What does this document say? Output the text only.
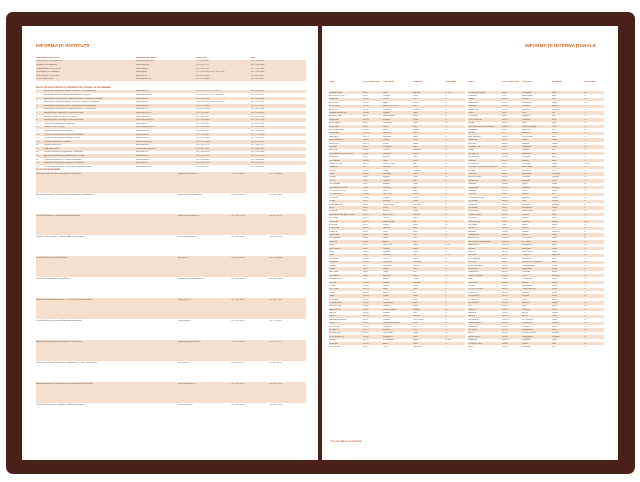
INFORMAȚII INSTITUȚII
DENUMIRE INSTITUȚIE	ADRESĂ INTERNET	TELEFON	FAX
PREȘEDINȚIA ROMÂNIEI	www.presidency.ro	021 410 0581	021 410 3858
SENATUL ROMÂNIEI	www.senat.ro	021 414 1111	021 315 8940
CAMERA DEPUTAȚILOR	www.cdep.ro	021 414 1111	021 312 1184
GUVERNUL ROMÂNIEI	www.gov.ro	021 314 3400 / 021 319 1564	021 313 9846
CURTEA DE CONTURI	www.rcc.ro	021 307 8600	021 307 8875
PROCURATURA	www.mpublic.ro	021 319 3860	021 319 3865
INSTITUȚII ȘI AUTORITĂȚI CU ATRIBUȚII DE CONTROL ȘI GUVERNARE
1	Autoritatea Națională pentru Protecția Consumatorilor	www.anpc.ro	021 312 1275 / 2 / 6 / 8 / 9	021 314 3462
2	Autoritatea pentru Valorificarea Activelor Statului	www.avas.gov.ro	021 303 6122 / 021 303 6521	021 303 6521
3	Autoritatea Națională de Reglementare în Domeniul Energiei	www.anre.ro	021 311 2244	021 312 4365
4	Autoritatea Națională pentru Protecția Copilului și Adopție	www.copii.ro	021 315 3630 / 021 310 0789	021 312 7474
5	Autoritatea Națională pentru Persoanele cu Handicap	www.anph.ro	021 212 5434	021 212 5432
6	Autoritatea Națională de Reglementare în Comunicații	www.anrc.ro	021 307 5400	021 307 5402
7	Administrația Națională a Penitenciarelor	www.anp-just.ro	021 311 6457	021 312 6616
8	Agenția Națională pentru Ocupare	www.anofm.ro	021 303 9831	021 303 9836
9	Agenția pentru Strategii Guvernamentale	www.publicinfo.ro	021 314 3400	021 312 2160
10	Comisia Națională de Prognoză	www.cnp.ro	021 318 5053	021 318 5054
11	Consiliul Concurenței	www.competition.ro	021 318 1198	021 318 1199
12	Institutul Național de Statistică	www.insse.ro	021 313 3700	021 312 4873
13	Oficiul Român pentru Drepturile de Autor	www.orda.ro	021 317 6440	021 317 6446
14	Oficiul de Stat pentru Invenții și Mărci	www.osim.ro	021 315 1966	021 312 3819
15	Direcția Generală a Vămilor	www.customs.ro	021 315 5858	021 313 8251
16	Garda Financiară	www.garda.ro	021 310 0771	021 310 0770
17	Inspecția Muncii	www.inspectmun.ro	021 302 7030	021 302 7032
18	Oficiul Național al Registrului Comerțului	www.onrc.ro	021 316 0819	021 316 0803
19	Agenția Națională de Administrare Fiscală	www.anaf.ro	021 319 9759	021 319 9760
20	Comisia Națională a Valorilor Mobiliare	www.cnvmr.ro	021 326 6840	021 326 6848
21	Autoritatea Națională Sanitară Veterinară	www.ansv.ro	021 315 7875	021 312 4967
22	Oficiul Național pentru Prevenirea Spălării Banilor	www.onpcsb.ro	021 315 5207	021 315 5227
INSTITUȚII EUROPENE
Reprezentanța Comisiei Europene în România	infoline@euroinfo.ro	021 203 5400	021 212 8808
Biroul de Informare al Parlamentului European în România	epbucarest@europarl.eu	021 405 0880	021 405 0886
Centrul European al Consumatorilor România	office@eccromania.ro	021 315 7149	021 311 0242
Consiliul Concurenței — Direcția Afaceri Europene	ae@competition.ro	021 318 1198	021 318 1199
Institutul European din România	ier@ier.ro	021 314 2696	021 314 2666
Centrul de Informare Europe Direct	europedirect@euroinfo.ro	021 315 3485	021 315 3486
Ministerul Integrării Europene — Centrul de Documentare	cdoc@mie.ro	021 301 1500	021 301 1505
Centrul de Resurse pentru Educație Europeană	crep@edu.ro	021 316 4522	021 316 4523
Agenția Națională pentru Programe Comunitare	anpcdefp@anpcdefp.ro	021 201 0700	021 312 4575
Camera de Comerț și Industrie a României — Euro Info Centre	eic@ccir.ro	021 319 0114	021 319 0115
Autoritatea pentru Coordonarea Instrumentelor Structurale	acis@mfinante.ro	021 302 5262	021 302 5264
Oficiul Român pentru Imigrări — Relații Schengen	ori@mai.gov.ro	021 410 7500	021 410 7501
INFORMAȚII INTERNAȚIONALE
ȚARA	COD TELEFONIC	CAPITALA	MONEDA	FUS ORAR*
AFGANISTAN	0093	Kabul	Afghani	+2 1/2
AFRICA DE SUD	0027	Pretoria	Rand	0
ALBANIA	00355	Tirana	Lek	-1
ALGERIA	00213	Alger	Dinar	-1
ANDORRA	00376	Andorra la Vella	Euro	-1
ANGOLA	00244	Luanda	Kwanza	-1
ARABIA SAUDITĂ	00966	Riyadh	Riyal	+1
ARGENTINA	0054	Buenos Aires	Peso	-5
ARMENIA	00374	Erevan	Dram	+2
AUSTRALIA	0061	Canberra	Dolar	+8
AUSTRIA	0043	Viena	Euro	-1
AZERBAIDJAN	00994	Baku	Manat	+2
BAHAMAS	001242	Nassau	Dolar	-7
BAHRAIN	00973	Manama	Dinar	+1
BANGLADESH	00880	Dhaka	Taka	+4
BELARUS	00375	Minsk	Rubla	0
BELGIA	0032	Bruxelles	Euro	-1
BOLIVIA	00591	La Paz	Boliviano	-6
BOSNIA-HERȚEGOVINA	00387	Sarajevo	Marca	-1
BRAZILIA	0055	Brasilia	Real	-5
BULGARIA	00359	Sofia	Leva	0
CAMBODGIA	00855	Phnom Penh	Riel	+5
CANADA	001	Ottawa	Dolar	-7
CEHIA	00420	Praga	Coroana	-1
CHILE	0056	Santiago	Peso	-6
CHINA	0086	Beijing	Yuan	+6
CIPRU	00357	Nicosia	Euro	0
COLUMBIA	0057	Bogota	Peso	-7
COREEA DE NORD	00850	Phenian	Won	+7
COREEA DE SUD	0082	Seul	Won	+7
COSTA RICA	00506	San Jose	Colon	-8
CROAȚIA	00385	Zagreb	Kuna	-1
CUBA	0053	Havana	Peso	-7
DANEMARCA	0045	Copenhaga	Coroana	-1
EGIPT	0020	Cairo	Lira	0
ELVEȚIA	0041	Berna	Franc	-1
EMIRATELE ARABE UNITE	00971	Abu Dhabi	Dirham	+2
ESTONIA	00372	Tallinn	Euro	0
ETIOPIA	00251	Addis Abeba	Birr	+1
FILIPINE	0063	Manila	Peso	+6
FINLANDA	00358	Helsinki	Euro	0
FRANȚA	0033	Paris	Euro	-1
GEORGIA	00995	Tbilisi	Lari	+2
GERMANIA	0049	Berlin	Euro	-1
GRECIA	0030	Atena	Euro	0
INDIA	0091	New Delhi	Rupia	+3 1/2
INDONEZIA	0062	Jakarta	Rupia	+5
IRAK	00964	Bagdad	Dinar	+1
IRAN	0098	Teheran	Rial	+1 1/2
IRLANDA	00353	Dublin	Euro	-2
ISLANDA	00354	Reykjavik	Coroana	-2
ISRAEL	00972	Ierusalim	Shekel	0
ITALIA	0039	Roma	Euro	-1
JAPONIA	0081	Tokyo	Yen	+7
IORDANIA	00962	Amman	Dinar	0
KAZAHSTAN	007	Astana	Tenge	+4
KENYA	00254	Nairobi	Shilling	+1
KUWEIT	00965	Kuweit	Dinar	+1
LETONIA	00371	Riga	Lats	0
LIBAN	00961	Beirut	Lira	0
LIBIA	00218	Tripoli	Dinar	0
LITUANIA	00370	Vilnius	Litas	0
LUXEMBURG	00352	Luxemburg	Euro	-1
MACEDONIA	00389	Skopje	Dinar	-1
MALAYEZIA	0060	Kuala Lumpur	Ringgit	+6
MALTA	00356	Valletta	Euro	-1
MAROC	00212	Rabat	Dirham	-2
MAREA BRITANIE	0044	Londra	Lira sterlină	-2
MEXIC	0052	Ciudad de Mexico	Peso	-8
MOLDOVA	00373	Chișinău	Leu	0
MONACO	00377	Monaco	Euro	-1
MONGOLIA	00976	Ulan Bator	Tugrik	+6
MUNTENEGRU	00382	Podgorica	Euro	-1
NEPAL	00977	Kathmandu	Rupia	+3 3/4
NIGERIA	00234	Abuja	Naira	-1
NORVEGIA	0047	Oslo	Coroana	-1
ȚARA	COD TELEFONIC	CAPITALA	MONEDA	FUS ORAR*
NOUA ZEELANDĂ	0064	Wellington	Dolar	+10
OLANDA	0031	Amsterdam	Euro	-1
OMAN	00968	Muscat	Rial	+2
PAKISTAN	0092	Islamabad	Rupia	+3
PANAMA	00507	Panama	Balboa	-7
PARAGUAY	00595	Asuncion	Guarani	-6
PERU	0051	Lima	Sol	-7
POLONIA	0048	Varșovia	Zlot	-1
PORTUGALIA	00351	Lisabona	Euro	-2
QATAR	00974	Doha	Riyal	+1
REPUBLICA DOMINICANĂ	001809	Santo Domingo	Peso	-6
ROMÂNIA	0040	București	Leu	0
RUSIA	007	Moscova	Rubla	+1
SAN MARINO	00378	San Marino	Euro	-1
SENEGAL	00221	Dakar	Franc	-2
SERBIA	00381	Belgrad	Dinar	-1
SINGAPORE	0065	Singapore	Dolar	+6
SIRIA	00963	Damasc	Lira	0
SLOVACIA	00421	Bratislava	Euro	-1
SLOVENIA	00386	Ljubljana	Euro	-1
SPANIA	0034	Madrid	Euro	-1
SRI LANKA	0094	Colombo	Rupia	+3 1/2
STATELE UNITE ALE AMERICII	001	Washington	Dolar	-7
SUDAN	00249	Khartoum	Lira	+1
SUEDIA	0046	Stockholm	Coroana	-1
TADJIKISTAN	00992	Dușanbe	Somoni	+3
TAILANDA	0066	Bangkok	Baht	+5
TAIWAN	00886	Taipei	Dolar	+6
TANZANIA	00255	Dodoma	Shilling	+1
TUNISIA	00216	Tunis	Dinar	-1
TURCIA	0090	Ankara	Lira	0
TURKMENISTAN	00993	Așgabat	Manat	+3
UCRAINA	00380	Kiev	Grivna	0
UGANDA	00256	Kampala	Shilling	+1
UNGARIA	0036	Budapesta	Forint	-1
URUGUAY	00598	Montevideo	Peso	-5
UZBEKISTAN	00998	Tașkent	Sum	+3
VATICAN	0039	Vatican	Euro	-1
VENEZUELA	0058	Caracas	Bolivar	-6 1/2
VIETNAM	0084	Hanoi	Dong	+5
YEMEN	00967	Sana'a	Rial	+1
ZAMBIA	00260	Lusaka	Kwacha	0
ZIMBABWE	00263	Harare	Dolar	0
ANGUILLA	001264	The Valley	Dolar	-6
ANTIGUA ȘI BARBUDA	001268	St. John's	Dolar	-6
BARBADOS	001246	Bridgetown	Dolar	-6
BELIZE	00501	Belmopan	Dolar	-8
BENIN	00229	Porto Novo	Franc	-1
BHUTAN	00975	Thimphu	Ngultrum	+4
BOTSWANA	00267	Gaborone	Pula	0
BRUNEI	00673	Bandar Seri Begawan	Dolar	+6
BURKINA FASO	00226	Ouagadougou	Franc	-2
BURUNDI	00257	Bujumbura	Franc	0
CAMERUN	00237	Yaounde	Franc	-1
CAPUL VERDE	00238	Praia	Escudo	-3
CIAD	00235	N'Djamena	Franc	-1
COMORE	00269	Moroni	Franc	+1
CONGO	00242	Brazzaville	Franc	-1
COTE D'IVOIRE	00225	Yamoussoukro	Franc	-2
DJIBOUTI	00253	Djibouti	Franc	+1
DOMINICA	001767	Roseau	Dolar	-6
ECUADOR	00593	Quito	Dolar	-7
ERITREEA	00291	Asmara	Nakfa	+1
FIJI	00679	Suva	Dolar	+10
GABON	00241	Libreville	Franc	-1
GAMBIA	00220	Banjul	Dalasi	-2
GHANA	00233	Accra	Cedi	-2
GRENADA	001473	St. George's	Dolar	-6
GUATEMALA	00502	Guatemala	Quetzal	-8
GUINEEA	00224	Conakry	Franc	-2
GUYANA	00592	Georgetown	Dolar	-6
HAITI	00509	Port-au-Prince	Gourde	-7
HONDURAS	00504	Tegucigalpa	Lempira	-8
JAMAICA	001876	Kingston	Dolar	-7
KIRGHIZSTAN	00996	Bișkek	Som	+4
LAOS	00856	Vientiane	Kip	+5
* Fus orar față de ora României
